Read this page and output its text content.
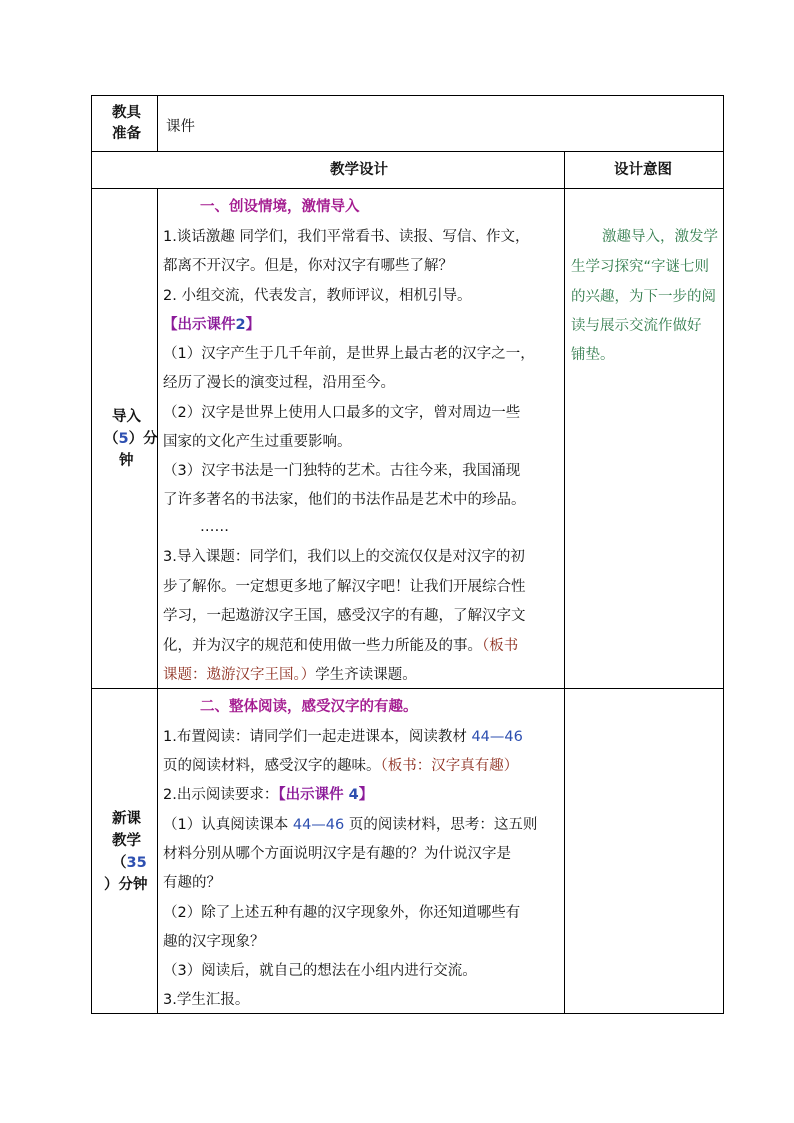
教具
准备 课件
教学设计	设计意图
导入
（5）分
钟
一、创设情境，激情导入
1.谈话激趣 同学们，我们平常看书、读报、写信、作文，
都离不开汉字。但是，你对汉字有哪些了解？
2. 小组交流，代表发言，教师评议，相机引导。
【出示课件2】
（1）汉字产生于几千年前，是世界上最古老的汉字之一，
经历了漫长的演变过程，沿用至今。
（2）汉字是世界上使用人口最多的文字，曾对周边一些
国家的文化产生过重要影响。
（3）汉字书法是一门独特的艺术。古往今来，我国涌现
了许多著名的书法家，他们的书法作品是艺术中的珍品。
……
3.导入课题：同学们，我们以上的交流仅仅是对汉字的初
步了解你。一定想更多地了解汉字吧！让我们开展综合性
学习，一起遨游汉字王国，感受汉字的有趣，了解汉字文
化，并为汉字的规范和使用做一些力所能及的事。（板书
课题：遨游汉字王国。）学生齐读课题。
激趣导入，激发学
生学习探究“字谜七则
的兴趣，为下一步的阅
读与展示交流作做好
铺垫。
新课
教学
（35
）分钟
二、整体阅读，感受汉字的有趣。
1.布置阅读：请同学们一起走进课本，阅读教材 44—46
页的阅读材料，感受汉字的趣味。（板书：汉字真有趣）
2.出示阅读要求：【出示课件 4】
（1）认真阅读课本 44—46 页的阅读材料，思考：这五则
材料分别从哪个方面说明汉字是有趣的？为什说汉字是
有趣的？
（2）除了上述五种有趣的汉字现象外，你还知道哪些有
趣的汉字现象？
（3）阅读后，就自己的想法在小组内进行交流。
3.学生汇报。
